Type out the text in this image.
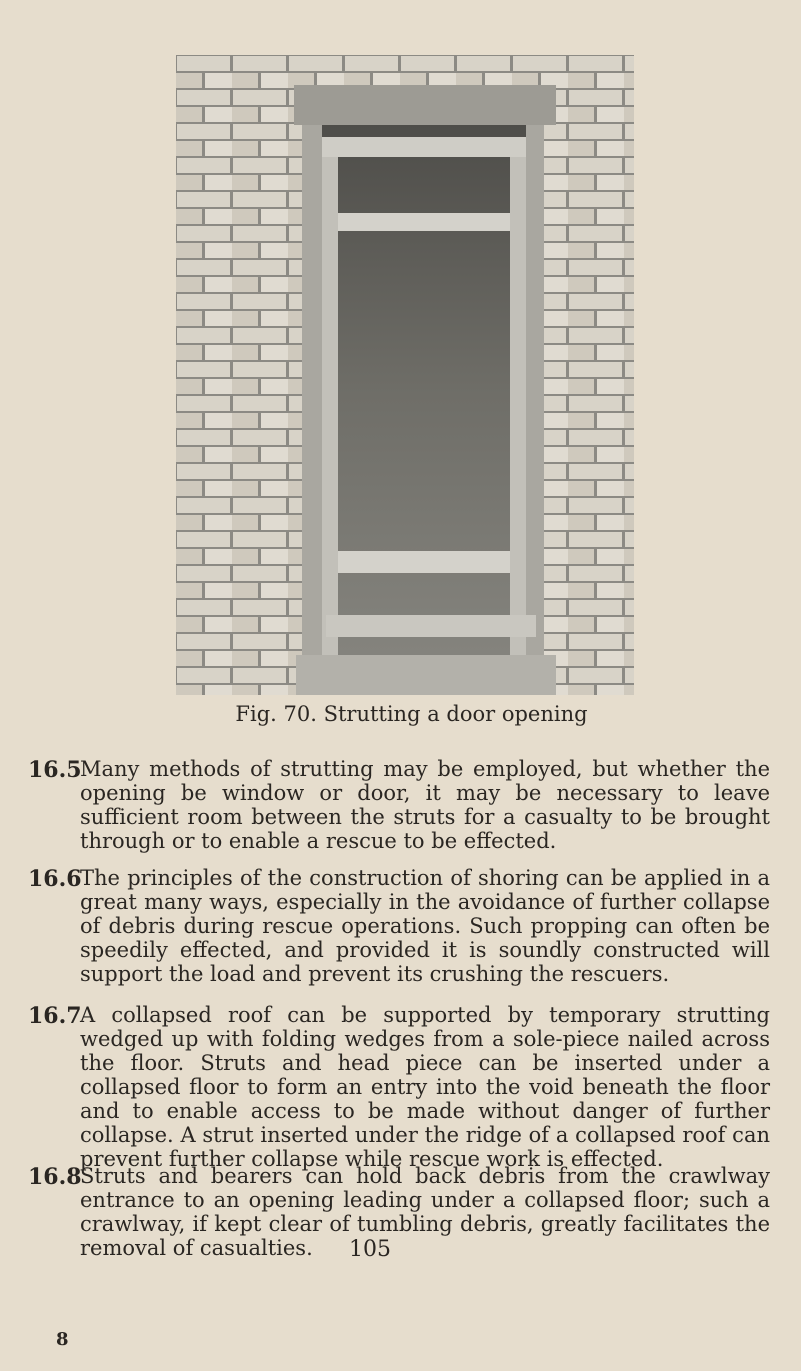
Fig. 70. Strutting a door opening
16.5
Many methods of strutting may be employed, but whether the opening be window or door, it may be necessary to leave sufficient room between the struts for a casualty to be brought through or to enable a rescue to be effected.
16.6
The principles of the construction of shoring can be applied in a great many ways, especially in the avoidance of further collapse of debris during rescue operations. Such propping can often be speedily effected, and provided it is soundly constructed will support the load and prevent its crushing the rescuers.
16.7
A collapsed roof can be supported by temporary strutting wedged up with folding wedges from a sole-piece nailed across the floor. Struts and head piece can be inserted under a collapsed floor to form an entry into the void beneath the floor and to enable access to be made without danger of further collapse. A strut inserted under the ridge of a collapsed roof can prevent further collapse while rescue work is effected.
16.8
Struts and bearers can hold back debris from the crawlway entrance to an opening leading under a collapsed floor; such a crawlway, if kept clear of tumbling debris, greatly facilitates the removal of casualties.	105
8
